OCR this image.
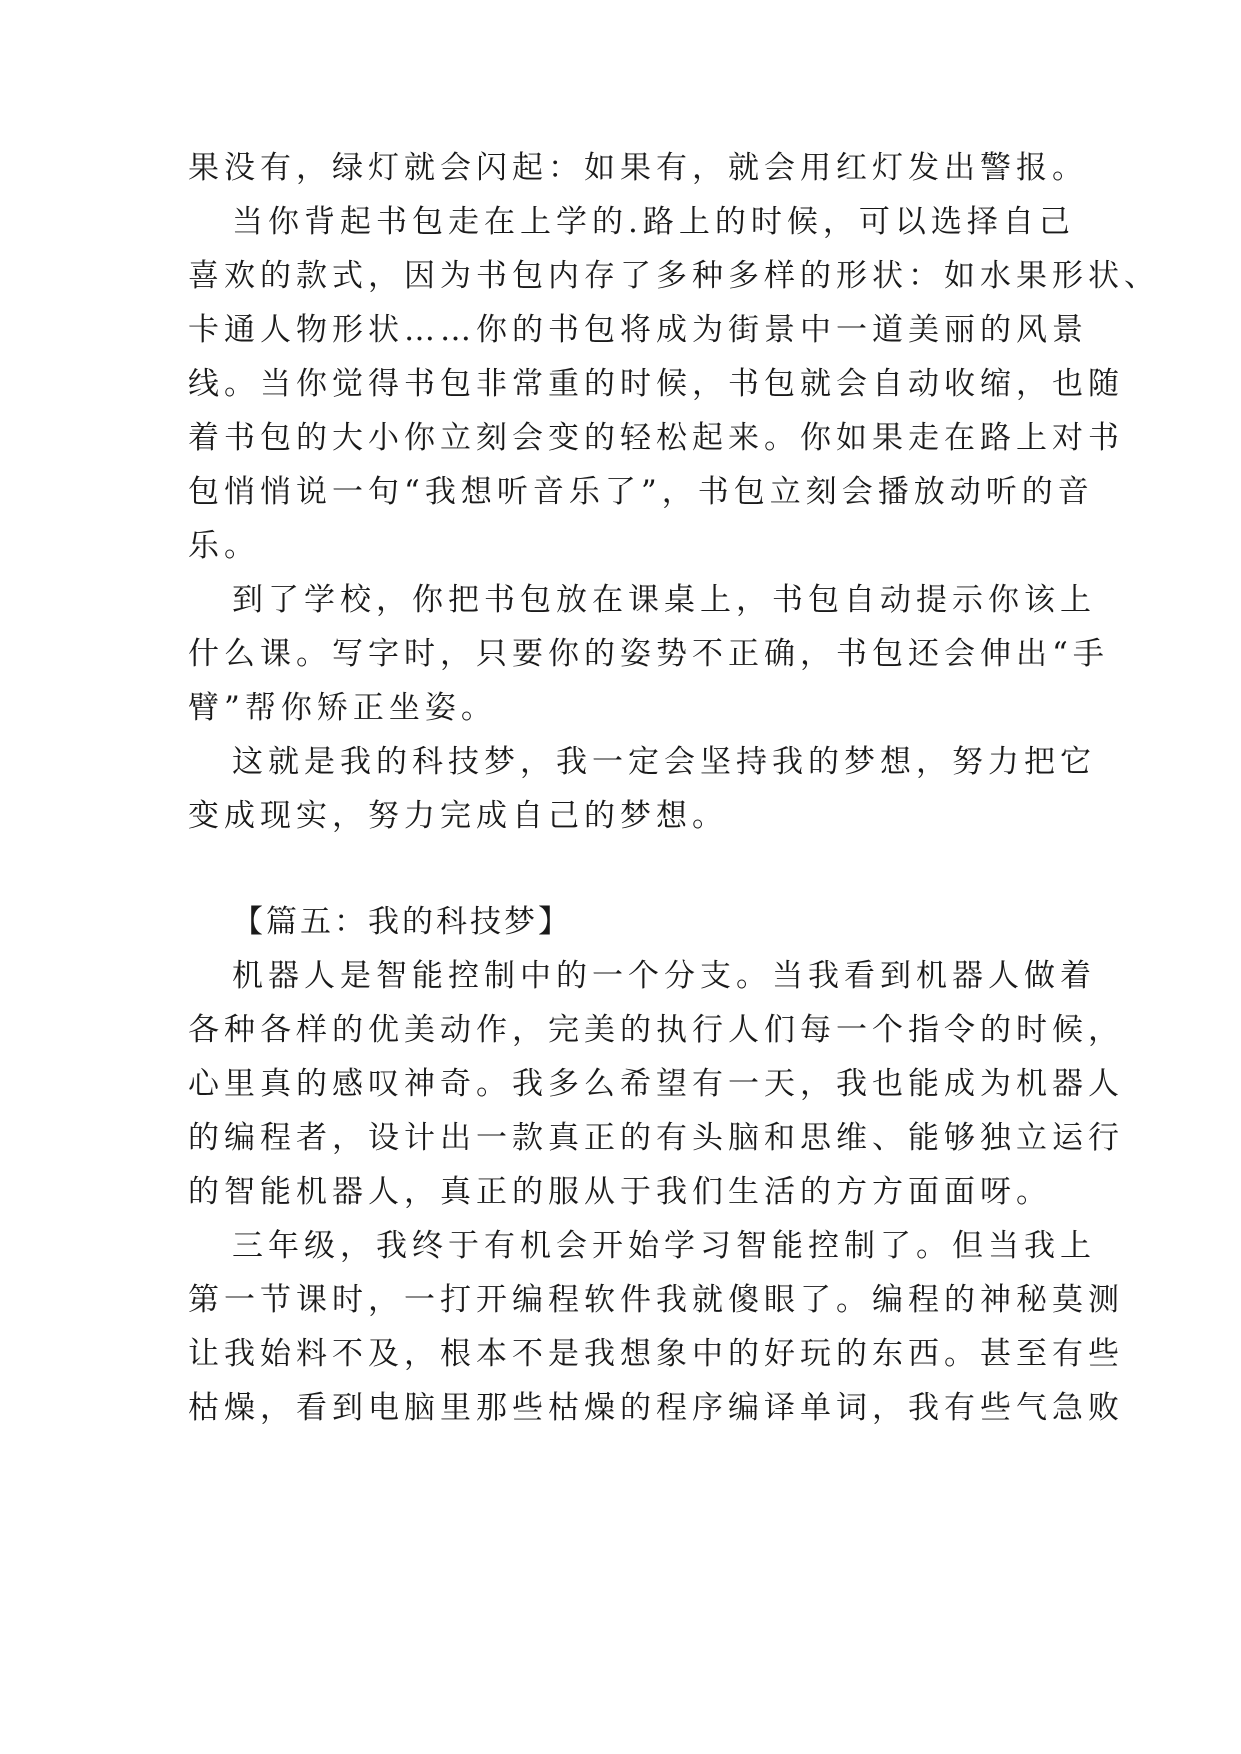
果没有，绿灯就会闪起：如果有，就会用红灯发出警报。
当你背起书包走在上学的.路上的时候，可以选择自己
喜欢的款式，因为书包内存了多种多样的形状：如水果形状、
卡通人物形状……你的书包将成为街景中一道美丽的风景
线。当你觉得书包非常重的时候，书包就会自动收缩，也随
着书包的大小你立刻会变的轻松起来。你如果走在路上对书
包悄悄说一句“我想听音乐了”，书包立刻会播放动听的音
乐。
到了学校，你把书包放在课桌上，书包自动提示你该上
什么课。写字时，只要你的姿势不正确，书包还会伸出“手
臂”帮你矫正坐姿。
这就是我的科技梦，我一定会坚持我的梦想，努力把它
变成现实，努力完成自己的梦想。
【篇五：我的科技梦】
机器人是智能控制中的一个分支。当我看到机器人做着
各种各样的优美动作，完美的执行人们每一个指令的时候，
心里真的感叹神奇。我多么希望有一天，我也能成为机器人
的编程者，设计出一款真正的有头脑和思维、能够独立运行
的智能机器人，真正的服从于我们生活的方方面面呀。
三年级，我终于有机会开始学习智能控制了。但当我上
第一节课时，一打开编程软件我就傻眼了。编程的神秘莫测
让我始料不及，根本不是我想象中的好玩的东西。甚至有些
枯燥，看到电脑里那些枯燥的程序编译单词，我有些气急败
